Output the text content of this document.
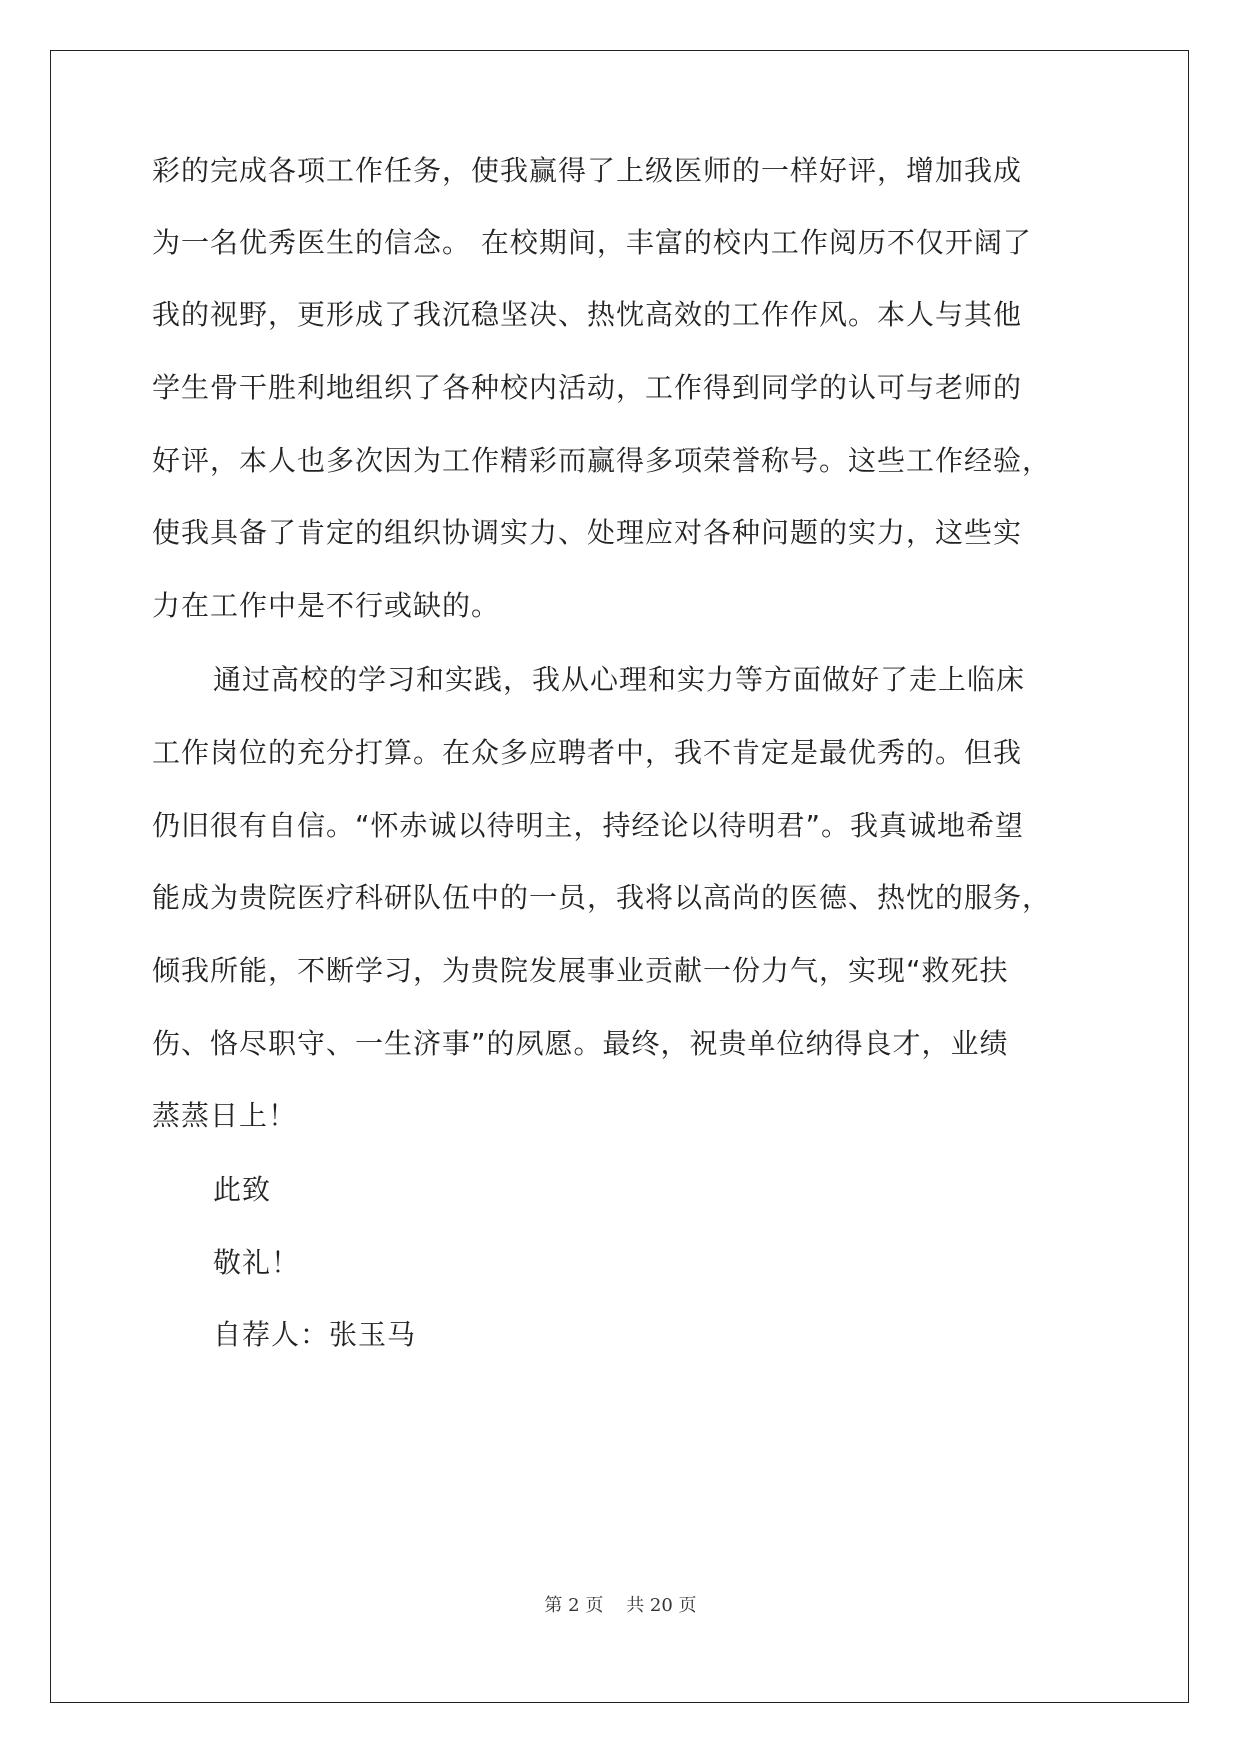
彩的完成各项工作任务，使我赢得了上级医师的一样好评，增加我成
为一名优秀医生的信念。 在校期间，丰富的校内工作阅历不仅开阔了
我的视野，更形成了我沉稳坚决、热忱高效的工作作风。本人与其他
学生骨干胜利地组织了各种校内活动，工作得到同学的认可与老师的
好评，本人也多次因为工作精彩而赢得多项荣誉称号。这些工作经验，
使我具备了肯定的组织协调实力、处理应对各种问题的实力，这些实
力在工作中是不行或缺的。
通过高校的学习和实践，我从心理和实力等方面做好了走上临床
工作岗位的充分打算。在众多应聘者中，我不肯定是最优秀的。但我
仍旧很有自信。“怀赤诚以待明主，持经论以待明君”。我真诚地希望
能成为贵院医疗科研队伍中的一员，我将以高尚的医德、热忱的服务，
倾我所能，不断学习，为贵院发展事业贡献一份力气，实现“救死扶
伤、恪尽职守、一生济事”的夙愿。最终，祝贵单位纳得良才，业绩
蒸蒸日上！
此致
敬礼！
自荐人：张玉马
第 2 页    共 20 页
